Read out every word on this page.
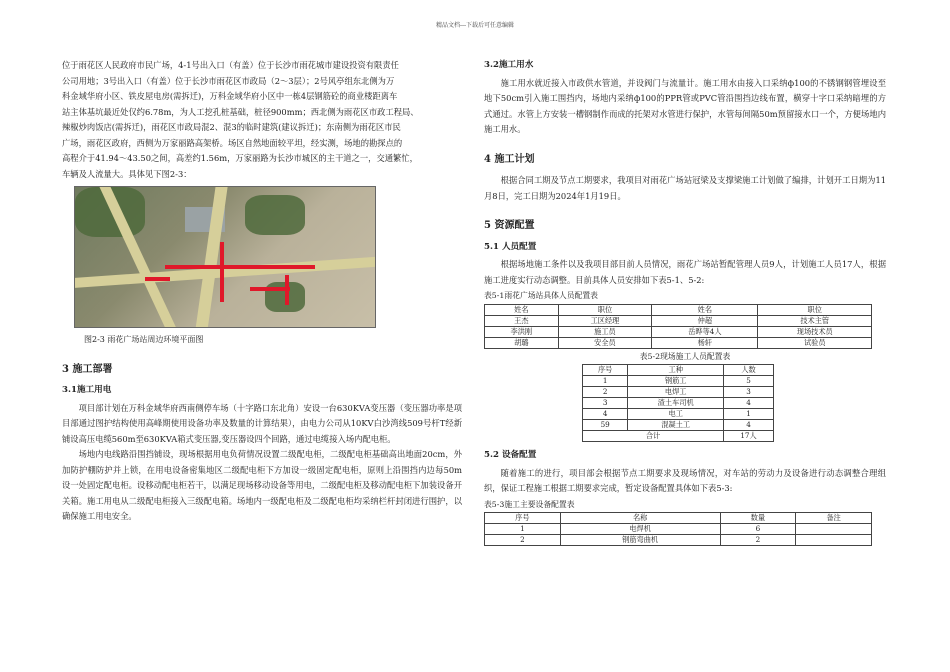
精品文档---下载后可任意编辑

位于雨花区人民政府市民广场，4-1号出入口（有盖）位于长沙市雨花城市建设投资有限责任

公司用地；3号出入口（有盖）位于长沙市雨花区市政局（2～3层）；2号风亭组东北侧为万

科金域华府小区、铁皮屋电房(需拆迁)，万科金域华府小区中一栋4层钢筋砼的商业楼距离车

站主体基坑最近处仅约6.78m，为人工挖孔桩基础，桩径900mm；西北侧为雨花区市政工程局、

辣椒炒肉饭店(需拆迁)，雨花区市政局混2、混3的临时建筑(建议拆迁)；东南侧为雨花区市民

广场，雨花区政府，西侧为万家丽路高架桥。场区自然地面较平坦，经实测，场地的勘探点的

高程介于41.94～43.50之间，高差约1.56m，万家丽路为长沙市城区的主干道之一，交通繁忙，

车辆及人流量大。具体见下图2-3：

图2-3 雨花广场站周边环境平面图

3 施工部署
3.1施工用电

项目部计划在万科金域华府西南侧停车场（十字路口东北角）安设一台630KVA变压器（变压器功率是项目部通过图护结构使用高峰期使用设备功率及数量的计算结果），由电力公司从10KV白沙湾线509号杆T经新铺设高压电缆560m至630KVA箱式变压器,变压器设四个回路，通过电缆接入场内配电柜。

场地内电线路沿围挡铺设，现场根据用电负荷情况设置二级配电柜，二级配电柜基础高出地面20cm，外加防护棚防护并上锁，在用电设备密集地区二级配电柜下方加设一级固定配电柜，原则上沿围挡内边每50m设一处固定配电柜。设移动配电柜若干，以满足现场移动设备等用电，二级配电柜及移动配电柜下加装设备开关箱。施工用电从二级配电柜接入三级配电箱。场地内一级配电柜及二级配电柜均采纳栏杆封闭进行围护，以确保施工用电安全。

3.2施工用水

施工用水就近接入市政供水管道，并设阀门与流量计。施工用水由接入口采纳ф100的不锈钢钢管埋设至地下50cm引入施工围挡内，场地内采纳ф100的PPR管或PVC管沿围挡边线布置，横穿十字口采纳暗埋的方式通过。水管上方安装一槽钢制作而成的托架对水管进行保护，水管每间隔50m预留接水口一个，方便场地内施工用水。

4 施工计划

根据合同工期及节点工期要求，我项目对雨花广场站冠梁及支撑梁施工计划做了编排，计划开工日期为11月8日，完工日期为2024年1月19日。

5 资源配置
5.1 人员配置

根据场地施工条件以及我项目部目前人员情况，雨花广场站暂配管理人员9人，计划施工人员17人，根据施工进度实行动态调整。目前具体人员安排如下表5-1、5-2:

表5-1雨花广场站具体人员配置表

姓名	职位	姓名	职位
王杰	工区经理	仲超	技术主管
李洪刚	施工员	岳晔等4人	现场技术员
胡璐	安全员	杨轩	试验员

表5-2现场施工人员配置表

序号	工种	人数
1	钢筋工	5
2	电焊工	3
3	渣土车司机	4
4	电工	1
59	混凝土工	4
合计		17人
5.2 设备配置

随着施工的进行，项目部会根据节点工期要求及现场情况，对车站的劳动力及设备进行动态调整合理组织，保证工程施工根据工期要求完成，暂定设备配置具体如下表5-3:

表5-3施工主要设备配置表

序号	名称	数量	备注
1	电焊机	6	
2	钢筋弯曲机	2	
